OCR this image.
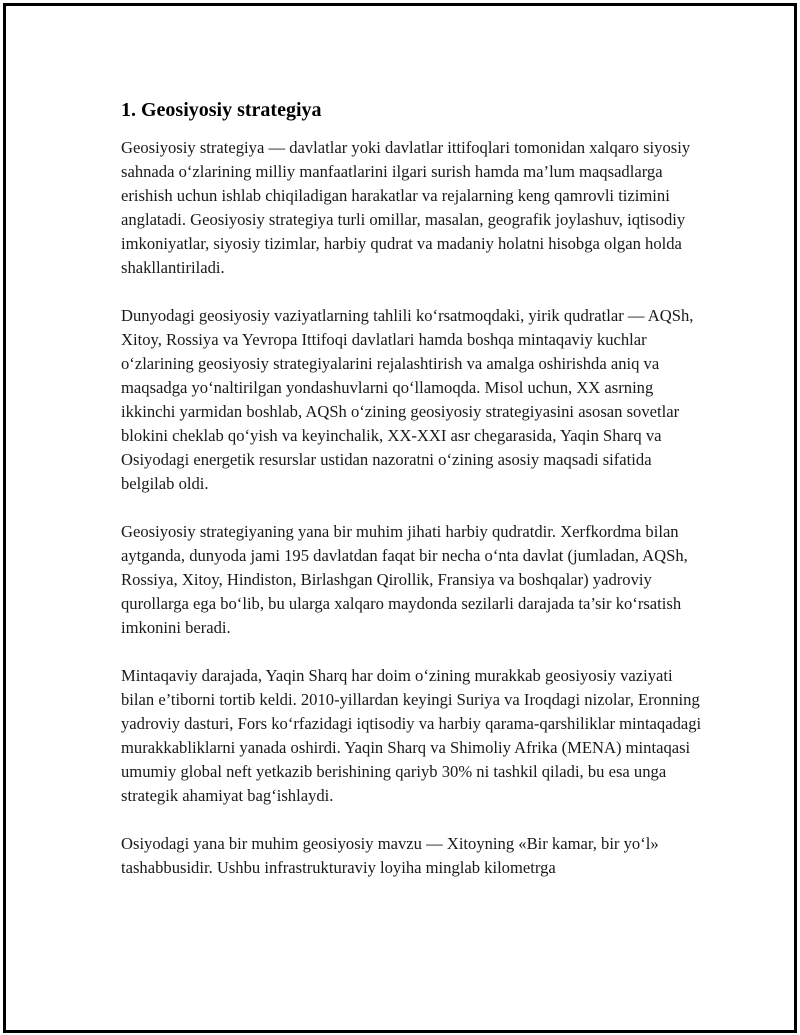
1. Geosiyosiy strategiya

Geosiyosiy strategiya — davlatlar yoki davlatlar ittifoqlari tomonidan xalqaro siyosiy sahnada o‘zlarining milliy manfaatlarini ilgari surish hamda ma’lum maqsadlarga erishish uchun ishlab chiqiladigan harakatlar va rejalarning keng qamrovli tizimini anglatadi. Geosiyosiy strategiya turli omillar, masalan, geografik joylashuv, iqtisodiy imkoniyatlar, siyosiy tizimlar, harbiy qudrat va madaniy holatni hisobga olgan holda shakllantiriladi.

Dunyodagi geosiyosiy vaziyatlarning tahlili ko‘rsatmoqdaki, yirik qudratlar — AQSh, Xitoy, Rossiya va Yevropa Ittifoqi davlatlari hamda boshqa mintaqaviy kuchlar o‘zlarining geosiyosiy strategiyalarini rejalashtirish va amalga oshirishda aniq va maqsadga yo‘naltirilgan yondashuvlarni qo‘llamoqda. Misol uchun, XX asrning ikkinchi yarmidan boshlab, AQSh o‘zining geosiyosiy strategiyasini asosan sovetlar blokini cheklab qo‘yish va keyinchalik, XX-XXI asr chegarasida, Yaqin Sharq va Osiyodagi energetik resurslar ustidan nazoratni o‘zining asosiy maqsadi sifatida belgilab oldi.

Geosiyosiy strategiyaning yana bir muhim jihati harbiy qudratdir. Xerfkordma bilan aytganda, dunyoda jami 195 davlatdan faqat bir necha o‘nta davlat (jumladan, AQSh, Rossiya, Xitoy, Hindiston, Birlashgan Qirollik, Fransiya va boshqalar) yadroviy qurollarga ega bo‘lib, bu ularga xalqaro maydonda sezilarli darajada ta’sir ko‘rsatish imkonini beradi.

Mintaqaviy darajada, Yaqin Sharq har doim o‘zining murakkab geosiyosiy vaziyati bilan e’tiborni tortib keldi. 2010-yillardan keyingi Suriya va Iroqdagi nizolar, Eronning yadroviy dasturi, Fors ko‘rfazidagi iqtisodiy va harbiy qarama-qarshiliklar mintaqadagi murakkabliklarni yanada oshirdi. Yaqin Sharq va Shimoliy Afrika (MENA) mintaqasi umumiy global neft yetkazib berishining qariyb 30% ni tashkil qiladi, bu esa unga strategik ahamiyat bag‘ishlaydi.

Osiyodagi yana bir muhim geosiyosiy mavzu — Xitoyning «Bir kamar, bir yo‘l» tashabbusidir. Ushbu infrastrukturaviy loyiha minglab kilometrga
